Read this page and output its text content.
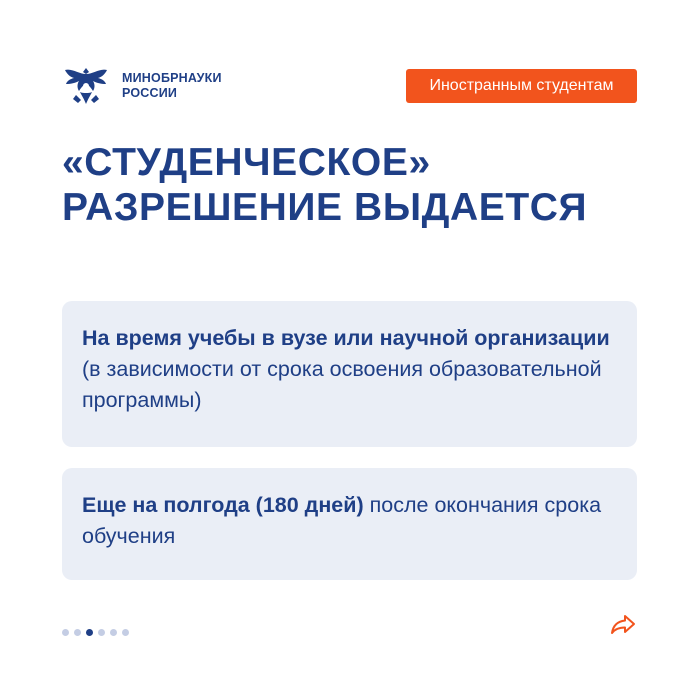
МИНОБРНАУКИ
РОССИИ	Иностранным студентам
«СТУДЕНЧЕСКОЕ»
РАЗРЕШЕНИЕ ВЫДАЕТСЯ

На время учебы в вузе или научной организации (в зависимости от срока освоения образовательной программы)

Еще на полгода (180 дней) после окончания срока обучения
